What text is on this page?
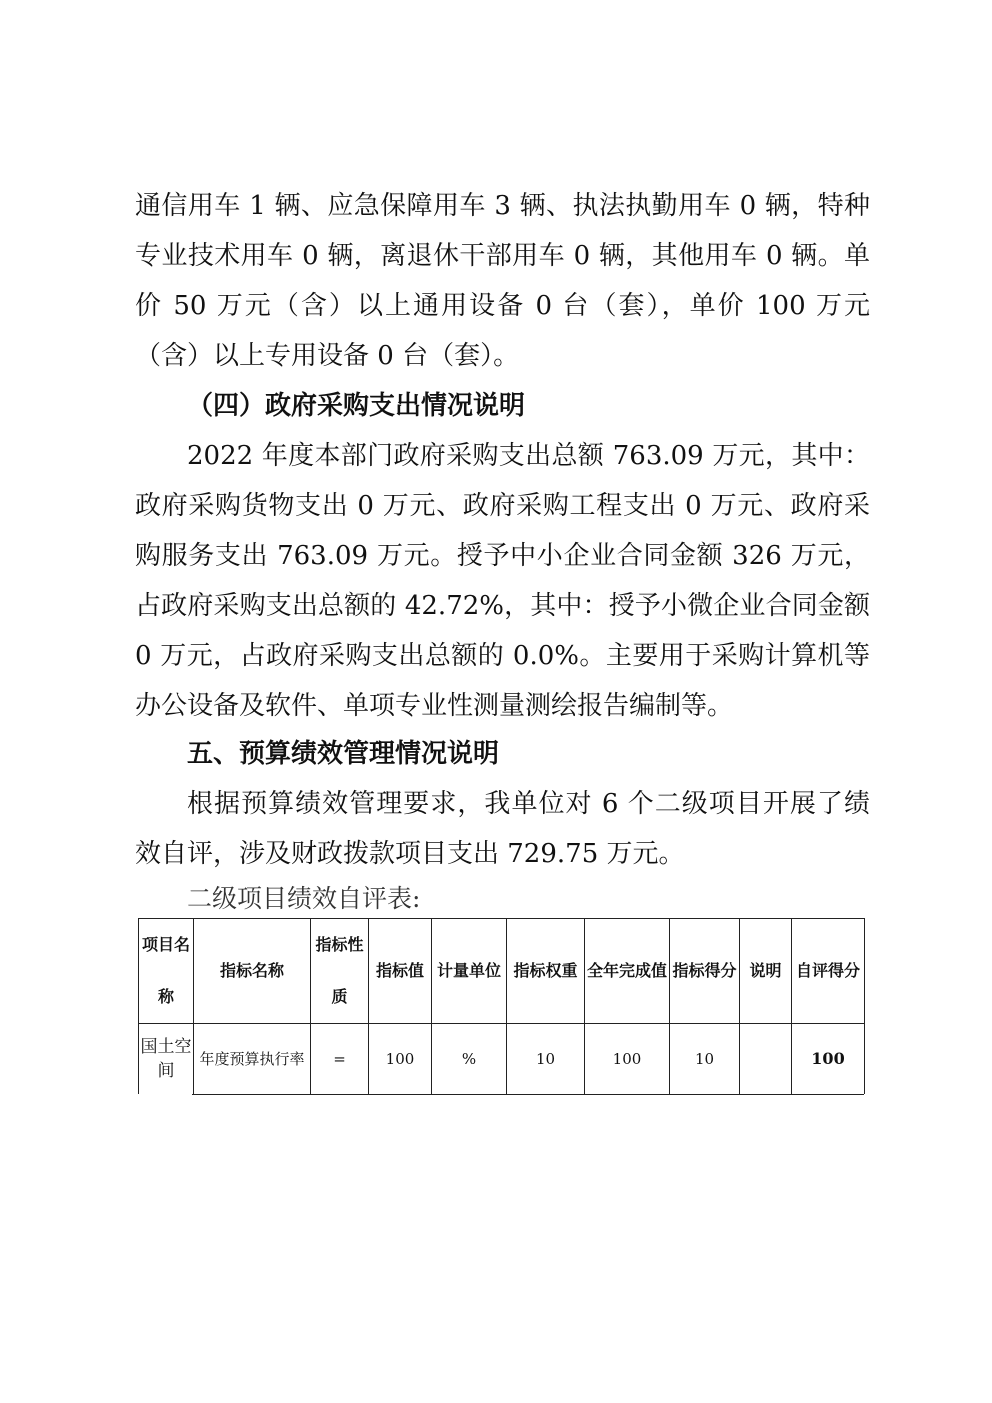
通信用车 1 辆、应急保障用车 3 辆、执法执勤用车 0 辆，特种专业技术用车 0 辆，离退休干部用车 0 辆，其他用车 0 辆。单价 50 万元（含）以上通用设备 0 台（套），单价 100 万元（含）以上专用设备 0 台（套）。

（四）政府采购支出情况说明

2022 年度本部门政府采购支出总额 763.09 万元，其中：政府采购货物支出 0 万元、政府采购工程支出 0 万元、政府采购服务支出 763.09 万元。授予中小企业合同金额 326 万元，占政府采购支出总额的 42.72%，其中：授予小微企业合同金额 0 万元，占政府采购支出总额的 0.0%。主要用于采购计算机等办公设备及软件、单项专业性测量测绘报告编制等。

五、预算绩效管理情况说明

根据预算绩效管理要求，我单位对 6 个二级项目开展了绩效自评，涉及财政拨款项目支出 729.75 万元。

二级项目绩效自评表:

项目名称	指标名称	指标性质	指标值	计量单位	指标权重	全年完成值	指标得分	说明	自评得分
国土空间	年度预算执行率	=	100	%	10	100	10		100
